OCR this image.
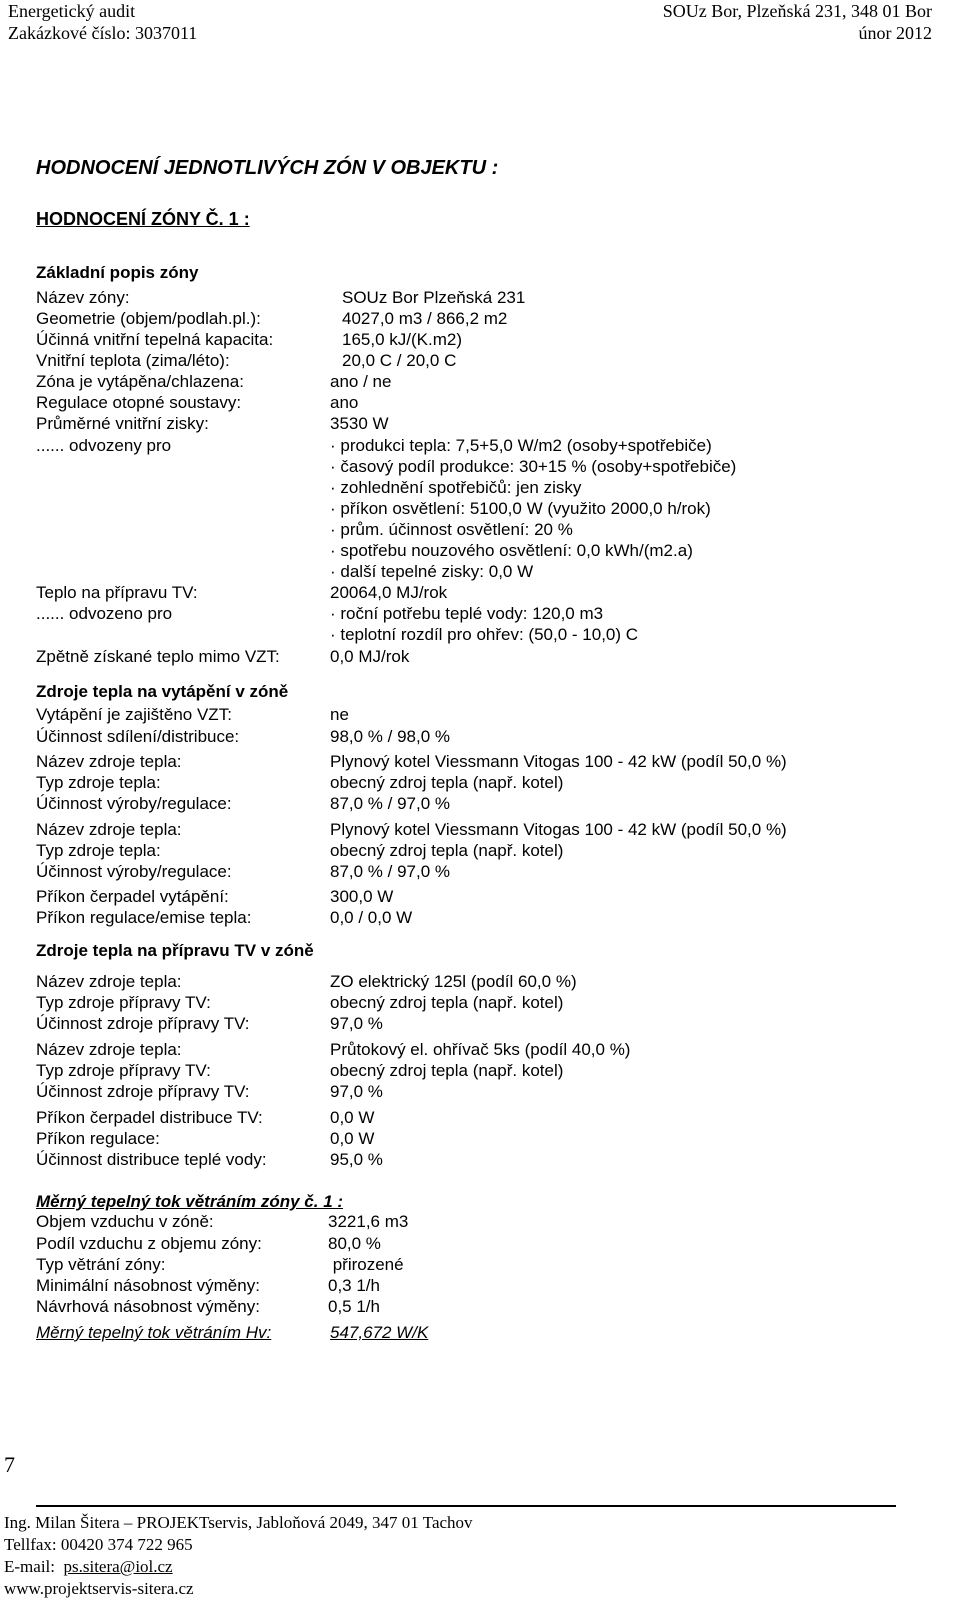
Energetický audit
Zakázkové číslo: 3037011
SOUz Bor, Plzeňská 231, 348 01 Bor
únor 2012
HODNOCENÍ JEDNOTLIVÝCH ZÓN V OBJEKTU :
HODNOCENÍ ZÓNY Č. 1 :
Základní popis zóny
Název zóny:	SOUz Bor Plzeňská 231
Geometrie (objem/podlah.pl.):	4027,0 m3 / 866,2 m2
Účinná vnitřní tepelná kapacita:	165,0 kJ/(K.m2)
Vnitřní teplota (zima/léto):	20,0 C / 20,0 C
Zóna je vytápěna/chlazena:	ano / ne
Regulace otopné soustavy:	ano
Průměrné vnitřní zisky:	3530 W
...... odvozeny pro	· produkci tepla: 7,5+5,0 W/m2 (osoby+spotřebiče)
· časový podíl produkce: 30+15 % (osoby+spotřebiče)
· zohlednění spotřebičů: jen zisky
· příkon osvětlení: 5100,0 W (využito 2000,0 h/rok)
· prům. účinnost osvětlení: 20 %
· spotřebu nouzového osvětlení: 0,0 kWh/(m2.a)
· další tepelné zisky: 0,0 W
Teplo na přípravu TV:	20064,0 MJ/rok
...... odvozeno pro	· roční potřebu teplé vody: 120,0 m3
· teplotní rozdíl pro ohřev: (50,0 - 10,0) C
Zpětně získané teplo mimo VZT:	0,0 MJ/rok
Zdroje tepla na vytápění v zóně
Vytápění je zajištěno VZT:	ne
Účinnost sdílení/distribuce:	98,0 % / 98,0 %
Název zdroje tepla:	Plynový kotel Viessmann Vitogas 100 - 42 kW (podíl 50,0 %)
Typ zdroje tepla:	obecný zdroj tepla (např. kotel)
Účinnost výroby/regulace:	87,0 % / 97,0 %
Název zdroje tepla:	Plynový kotel Viessmann Vitogas 100 - 42 kW (podíl 50,0 %)
Typ zdroje tepla:	obecný zdroj tepla (např. kotel)
Účinnost výroby/regulace:	87,0 % / 97,0 %
Příkon čerpadel vytápění:	300,0 W
Příkon regulace/emise tepla:	0,0 / 0,0 W
Zdroje tepla na přípravu TV v zóně
Název zdroje tepla:	ZO elektrický 125l (podíl 60,0 %)
Typ zdroje přípravy TV:	obecný zdroj tepla (např. kotel)
Účinnost zdroje přípravy TV:	97,0 %
Název zdroje tepla:	Průtokový el. ohřívač 5ks (podíl 40,0 %)
Typ zdroje přípravy TV:	obecný zdroj tepla (např. kotel)
Účinnost zdroje přípravy TV:	97,0 %
Příkon čerpadel distribuce TV:	0,0 W
Příkon regulace:	0,0 W
Účinnost distribuce teplé vody:	95,0 %
Měrný tepelný tok větráním zóny č. 1 :
Objem vzduchu v zóně:	3221,6 m3
Podíl vzduchu z objemu zóny:	80,0 %
Typ větrání zóny:	přirozené
Minimální násobnost výměny:	0,3 1/h
Návrhová násobnost výměny:	0,5 1/h
Měrný tepelný tok větráním Hv:	547,672 W/K
7
Ing. Milan Šitera – PROJEKTservis, Jabloňová 2049, 347 01 Tachov
Tellfax: 00420 374 722 965
E-mail:  ps.sitera@iol.cz
www.projektservis-sitera.cz
